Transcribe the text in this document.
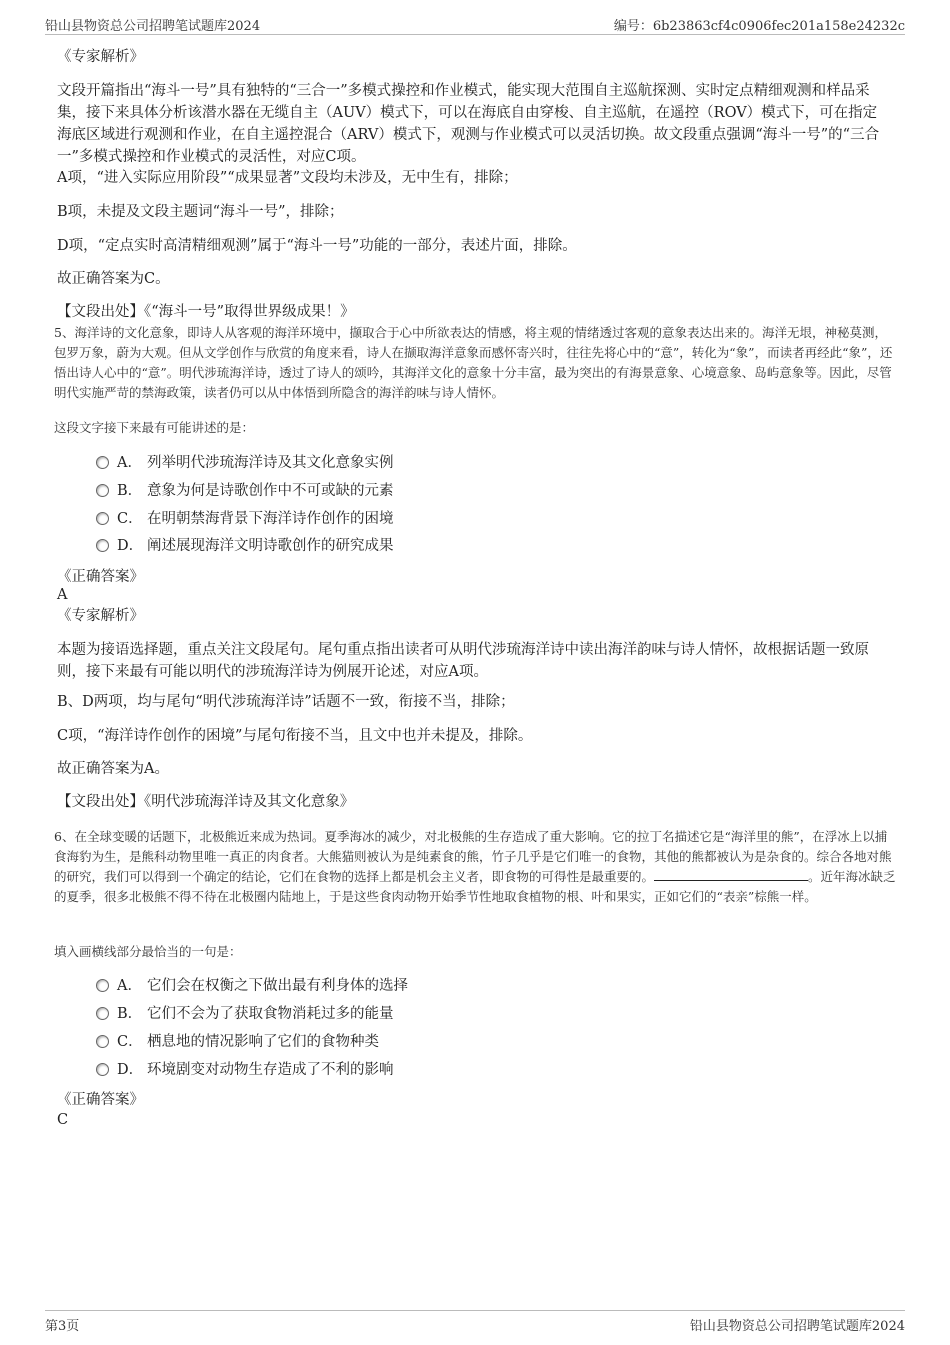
铅山县物资总公司招聘笔试题库2024	编号：6b23863cf4c0906fec201a158e24232c
《专家解析》
文段开篇指出“海斗一号”具有独特的“三合一”多模式操控和作业模式，能实现大范围自主巡航探测、实时定点精细观测和样品采集，接下来具体分析该潜水器在无缆自主（AUV）模式下，可以在海底自由穿梭、自主巡航，在遥控（ROV）模式下，可在指定海底区域进行观测和作业，在自主遥控混合（ARV）模式下，观测与作业模式可以灵活切换。故文段重点强调“海斗一号”的“三合一”多模式操控和作业模式的灵活性，对应C项。
A项，“进入实际应用阶段”“成果显著”文段均未涉及，无中生有，排除；
B项，未提及文段主题词“海斗一号”，排除；
D项，“定点实时高清精细观测”属于“海斗一号”功能的一部分，表述片面，排除。
故正确答案为C。
【文段出处】《“海斗一号”取得世界级成果！》
5、海洋诗的文化意象，即诗人从客观的海洋环境中，撷取合于心中所欲表达的情感，将主观的情绪透过客观的意象表达出来的。海洋无垠，神秘莫测，包罗万象，蔚为大观。但从文学创作与欣赏的角度来看，诗人在撷取海洋意象而感怀寄兴时，往往先将心中的“意”，转化为“象”，而读者再经此“象”，还悟出诗人心中的“意”。明代涉琉海洋诗，透过了诗人的颂吟，其海洋文化的意象十分丰富，最为突出的有海景意象、心境意象、岛屿意象等。因此，尽管明代实施严苛的禁海政策，读者仍可以从中体悟到所隐含的海洋韵味与诗人情怀。
这段文字接下来最有可能讲述的是：
A． 列举明代涉琉海洋诗及其文化意象实例
B． 意象为何是诗歌创作中不可或缺的元素
C． 在明朝禁海背景下海洋诗作创作的困境
D． 阐述展现海洋文明诗歌创作的研究成果
《正确答案》
A
《专家解析》
本题为接语选择题，重点关注文段尾句。尾句重点指出读者可从明代涉琉海洋诗中读出海洋韵味与诗人情怀，故根据话题一致原则，接下来最有可能以明代的涉琉海洋诗为例展开论述，对应A项。
B、D两项，均与尾句“明代涉琉海洋诗”话题不一致，衔接不当，排除；
C项，“海洋诗作创作的困境”与尾句衔接不当，且文中也并未提及，排除。
故正确答案为A。
【文段出处】《明代涉琉海洋诗及其文化意象》
6、在全球变暖的话题下，北极熊近来成为热词。夏季海冰的减少，对北极熊的生存造成了重大影响。它的拉丁名描述它是“海洋里的熊”，在浮冰上以捕食海豹为生，是熊科动物里唯一真正的肉食者。大熊猫则被认为是纯素食的熊，竹子几乎是它们唯一的食物，其他的熊都被认为是杂食的。综合各地对熊的研究，我们可以得到一个确定的结论，它们在食物的选择上都是机会主义者，即食物的可得性是最重要的。	。近年海冰缺乏的夏季，很多北极熊不得不待在北极圈内陆地上，于是这些食肉动物开始季节性地取食植物的根、叶和果实，正如它们的“表亲”棕熊一样。
填入画横线部分最恰当的一句是：
A． 它们会在权衡之下做出最有利身体的选择
B． 它们不会为了获取食物消耗过多的能量
C． 栖息地的情况影响了它们的食物种类
D． 环境剧变对动物生存造成了不利的影响
《正确答案》
C
第3页	铅山县物资总公司招聘笔试题库2024
